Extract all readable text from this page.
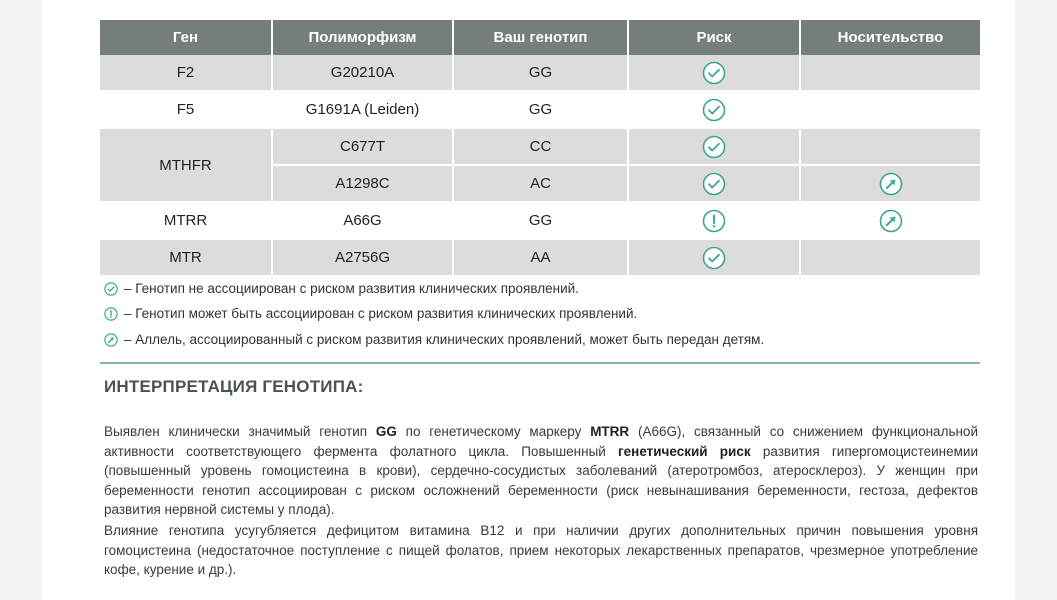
Ген	Полиморфизм	Ваш генотип	Риск	Носительство
F2	G20210A	GG		
F5	G1691A (Leiden)	GG		
MTHFR	C677T	CC		
	A1298C	AC		
MTRR	A66G	GG		
MTR	A2756G	AA		
– Генотип не ассоциирован с риском развития клинических проявлений.
– Генотип может быть ассоциирован с риском развития клинических проявлений.
– Аллель, ассоциированный с риском развития клинических проявлений, может быть передан детям.
ИНТЕРПРЕТАЦИЯ ГЕНОТИПА:
Выявлен клинически значимый генотип GG по генетическому маркеру MTRR (A66G), связанный со снижением функциональной активности соответствующего фермента фолатного цикла. Повышенный генетический риск развития гипергомоцистеинемии (повышенный уровень гомоцистеина в крови), сердечно-сосудистых заболеваний (атеротромбоз, атеросклероз). У женщин при беременности генотип ассоциирован с риском осложнений беременности (риск невынашивания беременности, гестоза, дефектов развития нервной системы у плода).
Влияние генотипа усугубляется дефицитом витамина B12 и при наличии других дополнительных причин повышения уровня гомоцистеина (недостаточное поступление с пищей фолатов, прием некоторых лекарственных препаратов, чрезмерное употребление кофе, курение и др.).
